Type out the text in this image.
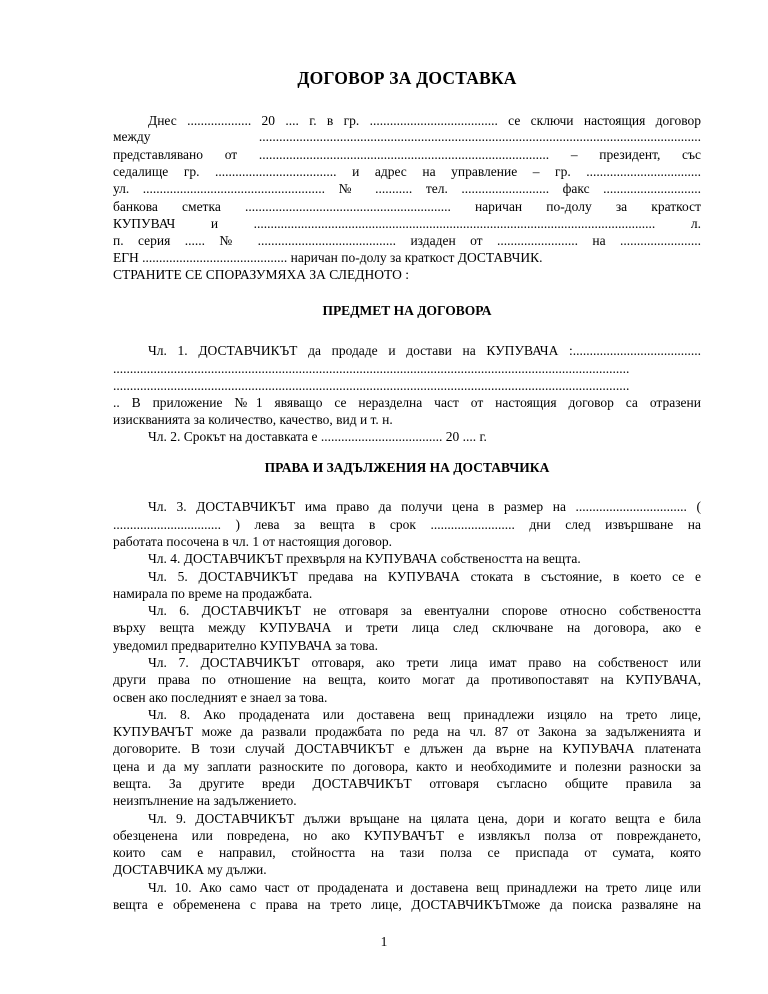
ДОГОВОР ЗА ДОСТАВКА
Днес ................... 20 .... г. в гр. ...................................... се сключи настоящия договор
между ...................................................................................................................................
представлявано от ...................................................................................... – президент, със
седалище гр. .................................... и адрес на управление – гр. ..................................
ул. ...................................................... № ........... тел. .......................... факс .............................
банкова сметка ............................................................. наричан по-долу за краткост
КУПУВАЧ и ....................................................................................................................... л.
п. серия ...... № ......................................... издаден от ........................ на ........................
ЕГН ........................................... наричан по-долу за краткост ДОСТАВЧИК.
СТРАНИТЕ СЕ СПОРАЗУМЯХА ЗА СЛЕДНОТО :
ПРЕДМЕТ НА ДОГОВОРА
Чл. 1. ДОСТАВЧИКЪТ да продаде и достави на КУПУВАЧА :......................................
.........................................................................................................................................................
.........................................................................................................................................................
.. В приложение №1 явяващо се неразделна част от настоящия договор са отразени
изискванията за количество, качество, вид и т. н.
Чл. 2. Срокът на доставката е .................................... 20 .... г.
ПРАВА И ЗАДЪЛЖЕНИЯ НА ДОСТАВЧИКА
Чл. 3. ДОСТАВЧИКЪТ има право да получи цена в размер на ................................. (
................................ ) лева за вещта в срок ......................... дни след извършване на
работата посочена в чл. 1 от настоящия договор.
Чл. 4. ДОСТАВЧИКЪТ прехвърля на КУПУВАЧА собствеността на вещта.
Чл. 5. ДОСТАВЧИКЪТ предава на КУПУВАЧА стоката в състояние, в което се е
намирала по време на продажбата.
Чл. 6. ДОСТАВЧИКЪТ не отговаря за евентуални спорове относно собствеността
върху вещта между КУПУВАЧА и трети лица след сключване на договора, ако е
уведомил предварително КУПУВАЧА за това.
Чл. 7. ДОСТАВЧИКЪТ отговаря, ако трети лица имат право на собственост или
други права по отношение на вещта, които могат да противопоставят на КУПУВАЧА,
освен ако последният е знаел за това.
Чл. 8. Ако продадената или доставена вещ принадлежи изцяло на трето лице,
КУПУВАЧЪТ може да развали продажбата по реда на чл. 87 от Закона за задълженията и
договорите. В този случай ДОСТАВЧИКЪТ е длъжен да върне на КУПУВАЧА платената
цена и да му заплати разноските по договора, както и необходимите и полезни разноски за
вещта. За другите вреди ДОСТАВЧИКЪТ отговаря съгласно общите правила за
неизпълнение на задължението.
Чл. 9. ДОСТАВЧИКЪТ дължи връщане на цялата цена, дори и когато вещта е била
обезценена или повредена, но ако КУПУВАЧЪТ е извлякъл полза от повреждането,
които сам е направил, стойността на тази полза се приспада от сумата, която
ДОСТАВЧИКА му дължи.
Чл. 10. Ако само част от продадената и доставена вещ принадлежи на трето лице или
вещта е обременена с права на трето лице, ДОСТАВЧИКЪТможе да поиска разваляне на
1
